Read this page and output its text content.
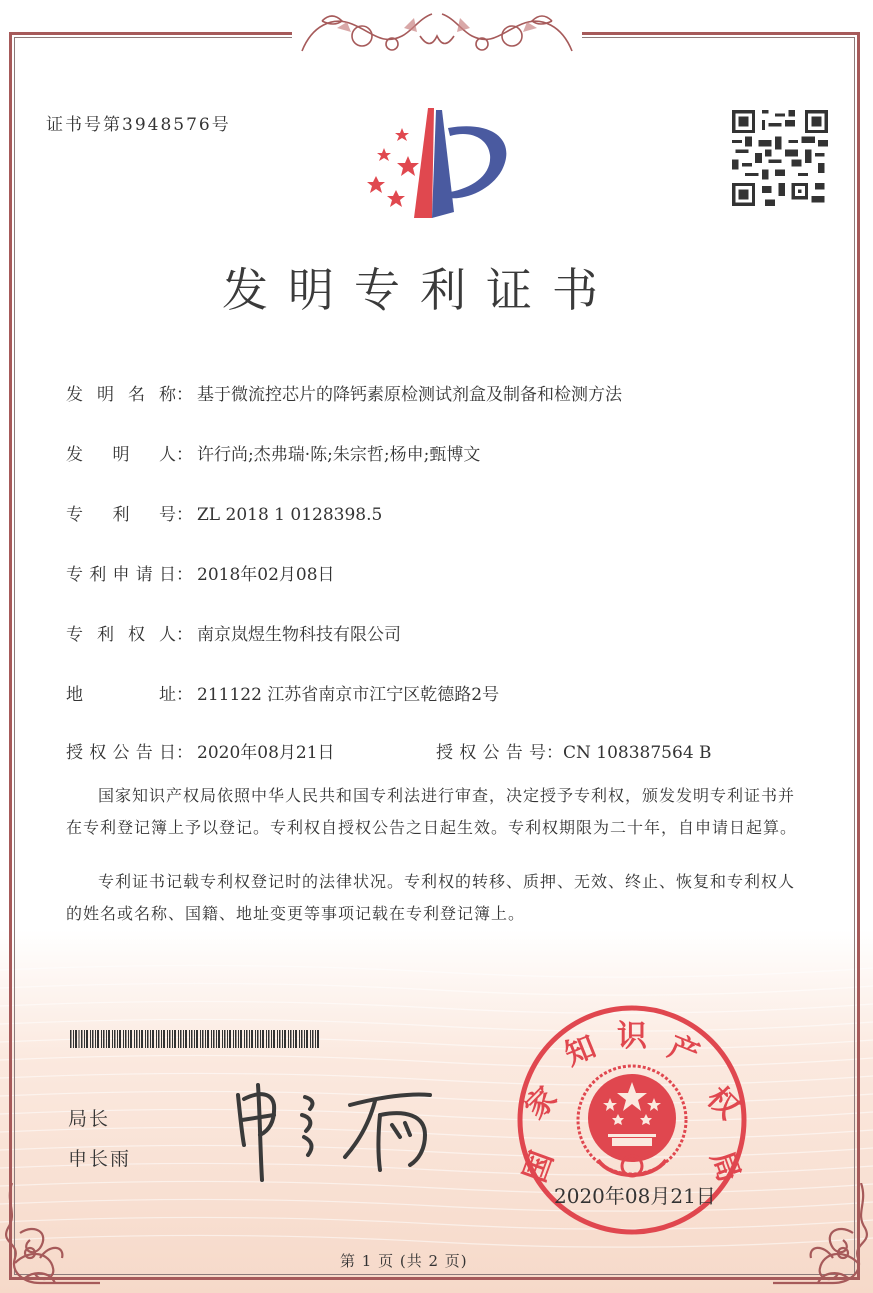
证书号第3948576号
发明专利证书
发明名称： 基于微流控芯片的降钙素原检测试剂盒及制备和检测方法
发明人： 许行尚;杰弗瑞·陈;朱宗哲;杨申;甄博文
专利号： ZL 2018 1 0128398.5
专利申请日： 2018年02月08日
专利权人： 南京岚煜生物科技有限公司
地址： 211122 江苏省南京市江宁区乾德路2号
授权公告日： 2020年08月21日	授权公告号：CN 108387564 B
国家知识产权局依照中华人民共和国专利法进行审查，决定授予专利权，颁发发明专利证书并在专利登记簿上予以登记。专利权自授权公告之日起生效。专利权期限为二十年，自申请日起算。
专利证书记载专利权登记时的法律状况。专利权的转移、质押、无效、终止、恢复和专利权人的姓名或名称、国籍、地址变更等事项记载在专利登记簿上。
局长
申长雨	国
家
知 识 产
权
局
2020年08月21日
第 1 页 (共 2 页)
